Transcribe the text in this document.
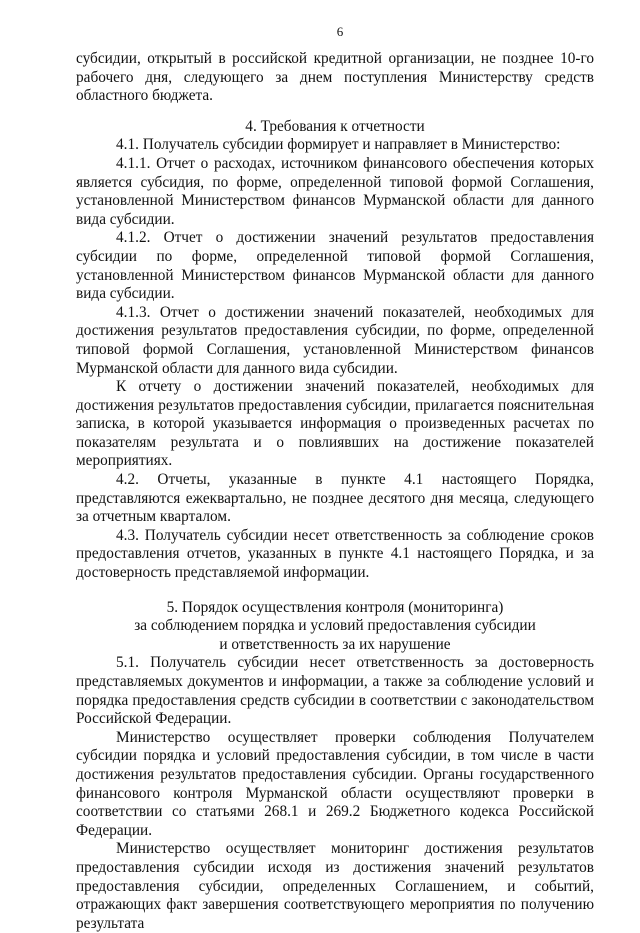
6

субсидии, открытый в российской кредитной организации, не позднее 10-го рабочего дня, следующего за днем поступления Министерству средств областного бюджета.

4. Требования к отчетности

4.1. Получатель субсидии формирует и направляет в Министерство:

4.1.1. Отчет о расходах, источником финансового обеспечения которых является субсидия, по форме, определенной типовой формой Соглашения, установленной Министерством финансов Мурманской области для данного вида субсидии.

4.1.2. Отчет о достижении значений результатов предоставления субсидии по форме, определенной типовой формой Соглашения, установленной Министерством финансов Мурманской области для данного вида субсидии.

4.1.3. Отчет о достижении значений показателей, необходимых для достижения результатов предоставления субсидии, по форме, определенной типовой формой Соглашения, установленной Министерством финансов Мурманской области для данного вида субсидии.

К отчету о достижении значений показателей, необходимых для достижения результатов предоставления субсидии, прилагается пояснительная записка, в которой указывается информация о произведенных расчетах по показателям результата и о повлиявших на достижение показателей мероприятиях.

4.2. Отчеты, указанные в пункте 4.1 настоящего Порядка, представляются ежеквартально, не позднее десятого дня месяца, следующего за отчетным кварталом.

4.3. Получатель субсидии несет ответственность за соблюдение сроков предоставления отчетов, указанных в пункте 4.1 настоящего Порядка, и за достоверность представляемой информации.

5. Порядок осуществления контроля (мониторинга)
за соблюдением порядка и условий предоставления субсидии
и ответственность за их нарушение

5.1. Получатель субсидии несет ответственность за достоверность представляемых документов и информации, а также за соблюдение условий и порядка предоставления средств субсидии в соответствии с законодательством Российской Федерации.

Министерство осуществляет проверки соблюдения Получателем субсидии порядка и условий предоставления субсидии, в том числе в части достижения результатов предоставления субсидии. Органы государственного финансового контроля Мурманской области осуществляют проверки в соответствии со статьями 268.1 и 269.2 Бюджетного кодекса Российской Федерации.

Министерство осуществляет мониторинг достижения результатов предоставления субсидии исходя из достижения значений результатов предоставления субсидии, определенных Соглашением, и событий, отражающих факт завершения соответствующего мероприятия по получению результата
